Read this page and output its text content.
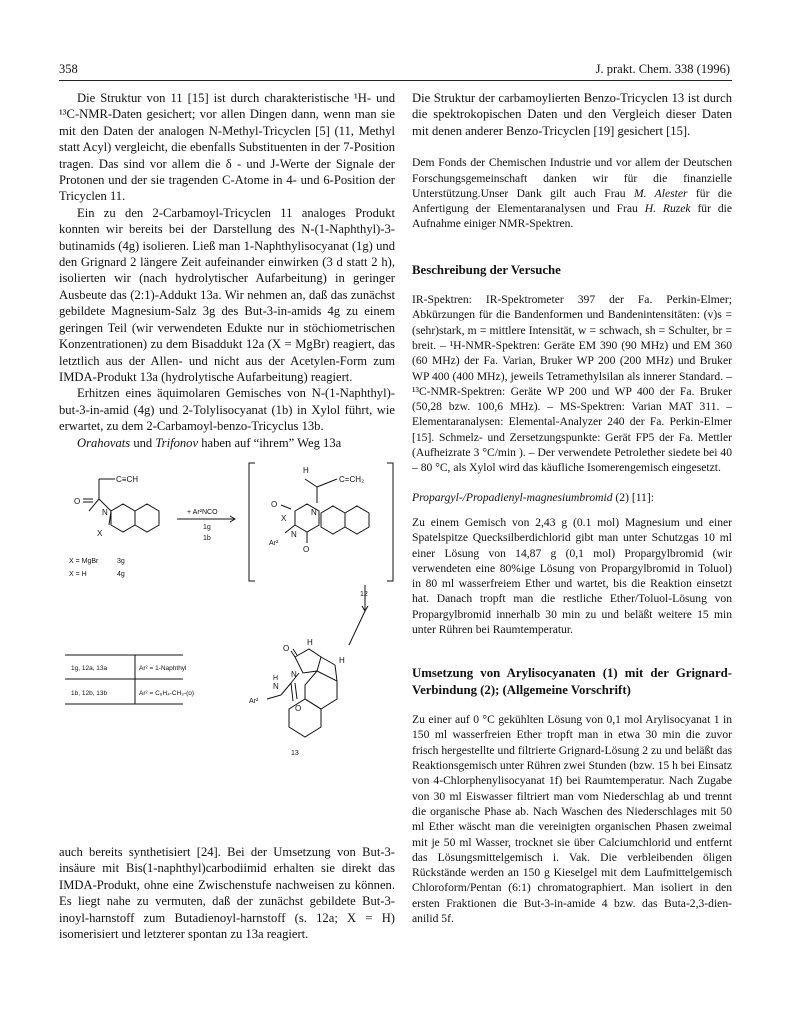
358	J. prakt. Chem. 338 (1996)

Die Struktur von 11 [15] ist durch charakteristische ¹H- und ¹³C-NMR-Daten gesichert; vor allen Dingen dann, wenn man sie mit den Daten der analogen N-Methyl-Tricyclen [5] (11, Methyl statt Acyl) vergleicht, die ebenfalls Substituenten in der 7-Position tragen. Das sind vor allem die δ - und J-Werte der Signale der Protonen und der sie tragenden C-Atome in 4- und 6-Position der Tricyclen 11.

Ein zu den 2-Carbamoyl-Tricyclen 11 analoges Produkt konnten wir bereits bei der Darstellung des N-(1-Naphthyl)-3-butinamids (4g) isolieren. Ließ man 1-Naphthylisocyanat (1g) und den Grignard 2 längere Zeit aufeinander einwirken (3 d statt 2 h), isolierten wir (nach hydrolytischer Aufarbeitung) in geringer Ausbeute das (2:1)-Addukt 13a. Wir nehmen an, daß das zunächst gebildete Magnesium-Salz 3g des But-3-in-amids 4g zu einem geringen Teil (wir verwendeten Edukte nur in stöchiometrischen Konzentrationen) zu dem Bisaddukt 12a (X = MgBr) reagiert, das letztlich aus der Allen- und nicht aus der Acetylen-Form zum IMDA-Produkt 13a (hydrolytische Aufarbeitung) reagiert.

Erhitzen eines äquimolaren Gemisches von N-(1-Naphthyl)-but-3-in-amid (4g) und 2-Tolylisocyanat (1b) in Xylol führt, wie erwartet, zu dem 2-Carbamoyl-benzo-Tricyclus 13b.

Orahovats und Trifonov haben auf “ihrem” Weg 13a

C≡CH
O
N
X
+ Ar²NCO
1g
1b
X = MgBr	3g
X = H	4g
H
C=CH₂
O
N
X
N
O
Ar²
12
1g, 12a, 13a	Ar² = 1-Naphthyl
1b, 12b, 13b	Ar² = C₆H₄-CH₃-(o)
O
H
H
N
N
H
O
Ar²
13

auch bereits synthetisiert [24]. Bei der Umsetzung von But-3-insäure mit Bis(1-naphthyl)carbodiimid erhalten sie direkt das IMDA-Produkt, ohne eine Zwischenstufe nachweisen zu können. Es liegt nahe zu vermuten, daß der zunächst gebildete But-3-inoyl-harnstoff zum Butadienoyl-harnstoff (s. 12a; X = H) isomerisiert und letzterer spontan zu 13a reagiert.

Die Struktur der carbamoylierten Benzo-Tricyclen 13 ist durch die spektrokopischen Daten und den Vergleich dieser Daten mit denen anderer Benzo-Tricyclen [19] gesichert [15].

Dem Fonds der Chemischen Industrie und vor allem der Deutschen Forschungsgemeinschaft danken wir für die finanzielle Unterstützung.Unser Dank gilt auch Frau M. Alester für die Anfertigung der Elementaranalysen und Frau H. Ruzek für die Aufnahme einiger NMR-Spektren.

Beschreibung der Versuche

IR-Spektren: IR-Spektrometer 397 der Fa. Perkin-Elmer; Abkürzungen für die Bandenformen und Bandenintensitäten: (v)s = (sehr)stark, m = mittlere Intensität, w = schwach, sh = Schulter, br = breit. – ¹H-NMR-Spektren: Geräte EM 390 (90 MHz) und EM 360 (60 MHz) der Fa. Varian, Bruker WP 200 (200 MHz) und Bruker WP 400 (400 MHz), jeweils Tetramethylsilan als innerer Standard. – ¹³C-NMR-Spektren: Geräte WP 200 und WP 400 der Fa. Bruker (50,28 bzw. 100,6 MHz). – MS-Spektren: Varian MAT 311. – Elementaranalysen: Elemental-Analyzer 240 der Fa. Perkin-Elmer [15]. Schmelz- und Zersetzungspunkte: Gerät FP5 der Fa. Mettler (Aufheizrate 3 °C/min ). – Der verwendete Petrolether siedete bei 40 – 80 °C, als Xylol wird das käufliche Isomerengemisch eingesetzt.

Propargyl-/Propadienyl-magnesiumbromid (2) [11]:

Zu einem Gemisch von 2,43 g (0.1 mol) Magnesium und einer Spatelspitze Quecksilberdichlorid gibt man unter Schutzgas 10 ml einer Lösung von 14,87 g (0,1 mol) Propargylbromid (wir verwendeten eine 80%ige Lösung von Propargylbromid in Toluol) in 80 ml wasserfreiem Ether und wartet, bis die Reaktion einsetzt hat. Danach tropft man die restliche Ether/Toluol-Lösung von Propargylbromid innerhalb 30 min zu und beläßt weitere 15 min unter Rühren bei Raumtemperatur.

Umsetzung von Arylisocyanaten (1) mit der Grignard-Verbindung (2); (Allgemeine Vorschrift)

Zu einer auf 0 °C gekühlten Lösung von 0,1 mol Arylisocyanat 1 in 150 ml wasserfreien Ether tropft man in etwa 30 min die zuvor frisch hergestellte und filtrierte Grignard-Lösung 2 zu und beläßt das Reaktionsgemisch unter Rühren zwei Stunden (bzw. 15 h bei Einsatz von 4-Chlorphenylisocyanat 1f) bei Raumtemperatur. Nach Zugabe von 30 ml Eiswasser filtriert man vom Niederschlag ab und trennt die organische Phase ab. Nach Waschen des Niederschlages mit 50 ml Ether wäscht man die vereinigten organischen Phasen zweimal mit je 50 ml Wasser, trocknet sie über Calciumchlorid und entfernt das Lösungsmittelgemisch i. Vak. Die verbleibenden öligen Rückstände werden an 150 g Kieselgel mit dem Laufmittelgemisch Chloroform/Pentan (6:1) chromatographiert. Man isoliert in den ersten Fraktionen die But-3-in-amide 4 bzw. das Buta-2,3-dien-anilid 5f.
